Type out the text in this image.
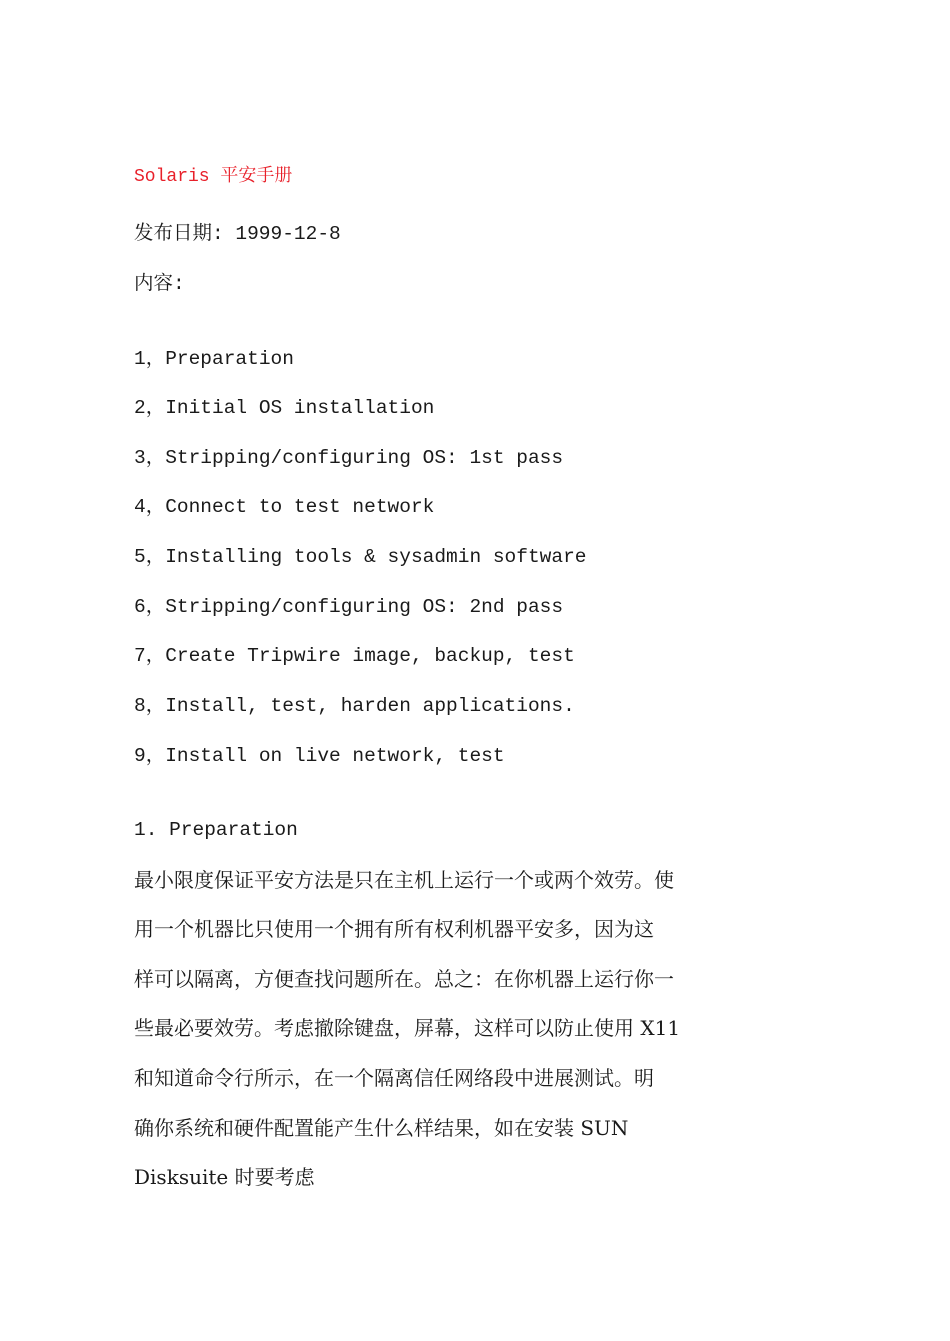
Solaris 平安手册
发布日期: 1999-12-8
内容:
1，Preparation
2，Initial OS installation
3，Stripping/configuring OS: 1st pass
4，Connect to test network
5，Installing tools & sysadmin software
6，Stripping/configuring OS: 2nd pass
7，Create Tripwire image, backup, test
8，Install, test, harden applications.
9，Install on live network, test
1. Preparation
最小限度保证平安方法是只在主机上运行一个或两个效劳。使
用一个机器比只使用一个拥有所有权利机器平安多，因为这
样可以隔离，方便查找问题所在。总之：在你机器上运行你一
些最必要效劳。考虑撤除键盘，屏幕，这样可以防止使用 X11
和知道命令行所示，在一个隔离信任网络段中进展测试。明
确你系统和硬件配置能产生什么样结果，如在安装 SUN
Disksuite 时要考虑
